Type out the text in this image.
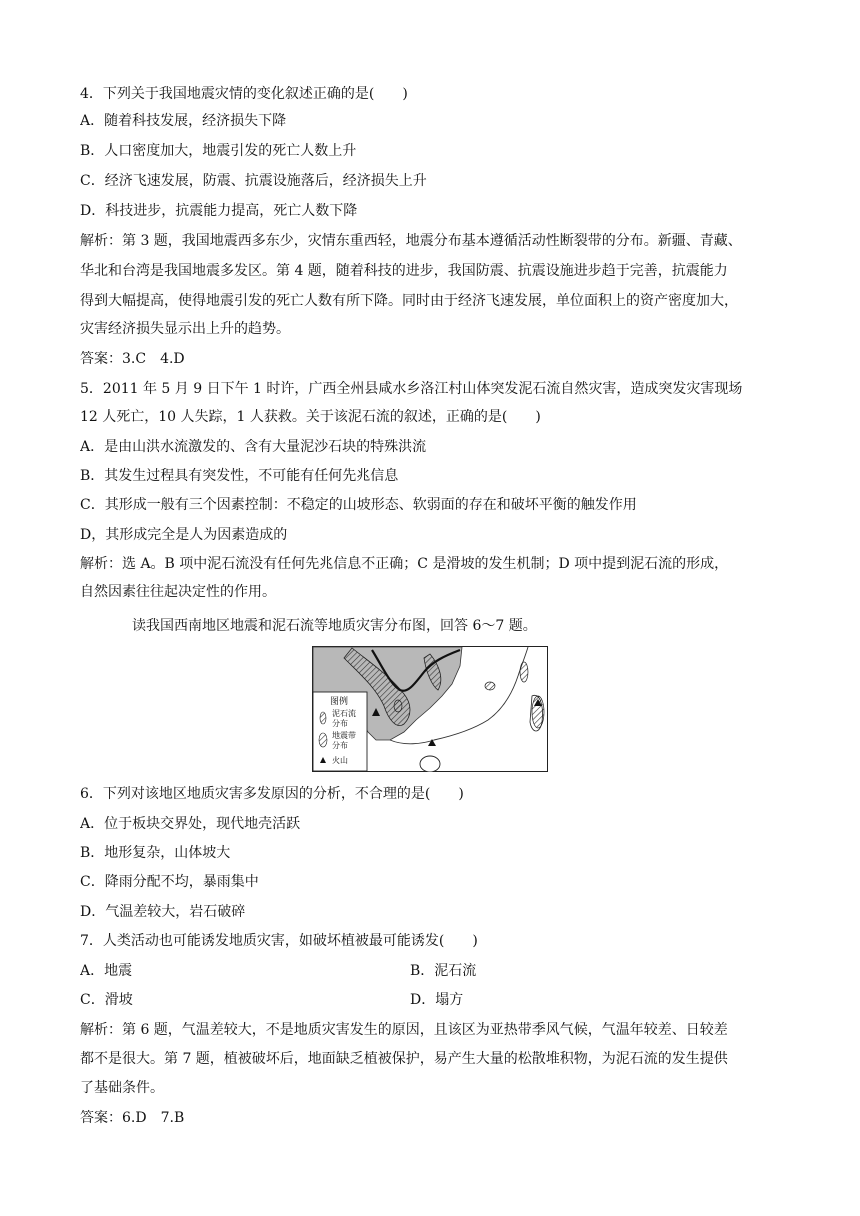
4．下列关于我国地震灾情的变化叙述正确的是(　　)
A．随着科技发展，经济损失下降
B．人口密度加大，地震引发的死亡人数上升
C．经济飞速发展，防震、抗震设施落后，经济损失上升
D．科技进步，抗震能力提高，死亡人数下降
解析：第 3 题，我国地震西多东少，灾情东重西轻，地震分布基本遵循活动性断裂带的分布。新疆、青藏、
华北和台湾是我国地震多发区。第 4 题，随着科技的进步，我国防震、抗震设施进步趋于完善，抗震能力
得到大幅提高，使得地震引发的死亡人数有所下降。同时由于经济飞速发展，单位面积上的资产密度加大，
灾害经济损失显示出上升的趋势。
答案：3.C　4.D
5．2011 年 5 月 9 日下午 1 时许，广西全州县咸水乡洛江村山体突发泥石流自然灾害，造成突发灾害现场
12 人死亡，10 人失踪，1 人获救。关于该泥石流的叙述，正确的是(　　)
A．是由山洪水流激发的、含有大量泥沙石块的特殊洪流
B．其发生过程具有突发性，不可能有任何先兆信息
C．其形成一般有三个因素控制：不稳定的山坡形态、软弱面的存在和破坏平衡的触发作用
D，其形成完全是人为因素造成的
解析：选 A。B 项中泥石流没有任何先兆信息不正确；C 是滑坡的发生机制；D 项中提到泥石流的形成，
自然因素往往起决定性的作用。
读我国西南地区地震和泥石流等地质灾害分布图，回答 6～7 题。
图例
泥石流
分布
地震带
分布
火山
6．下列对该地区地质灾害多发原因的分析，不合理的是(　　)
A．位于板块交界处，现代地壳活跃
B．地形复杂，山体坡大
C．降雨分配不均，暴雨集中
D．气温差较大，岩石破碎
7．人类活动也可能诱发地质灾害，如破坏植被最可能诱发(　　)
A．地震	B．泥石流
C．滑坡	D．塌方
解析：第 6 题，气温差较大，不是地质灾害发生的原因，且该区为亚热带季风气候，气温年较差、日较差
都不是很大。第 7 题，植被破坏后，地面缺乏植被保护，易产生大量的松散堆积物，为泥石流的发生提供
了基础条件。
答案：6.D　7.B
